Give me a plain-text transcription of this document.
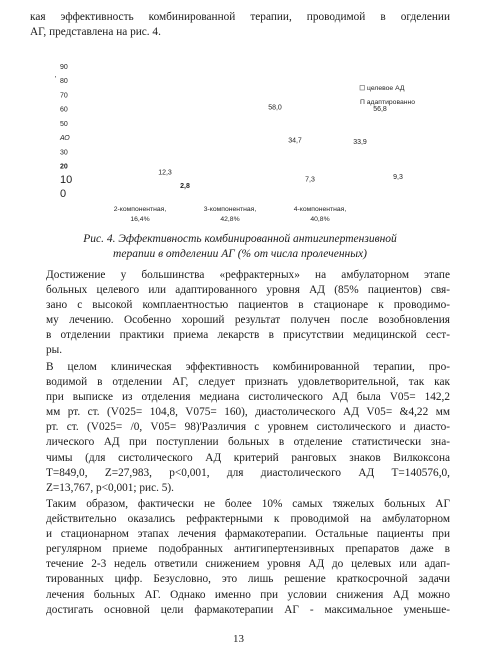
кая эффективность комбинированной терапии, проводимой в огделении
АГ, представлена на рис. 4.

90
80
70
60
50
АО
30
20
10
0
'
12,3
2,8
58,0
34,7
7,3
56,8
33,9
9,3
2-компонентная,
16,4%
3-компонентная,
42,8%
4-компонентная,
40,8%
целевое АД
П адаптированно

Рис. 4. Эффективность комбинированной антигипертензивной
терапии в отделении АГ (% от числа пролеченных)

Достижение у большинства «рефрактерных» на амбулаторном этапе
больных целевого или адаптированного уровня АД (85% пациентов) свя-
зано с высокой комплаентностью пациентов в стационаре к проводимо-
му лечению. Особенно хороший результат получен после возобновления
в отделении практики приема лекарств в присутствии медицинской сест-
ры.

В целом клиническая эффективность комбинированной терапии, про-
водимой в отделении АГ, следует признать удовлетворительной, так как
при выписке из отделения медиана систолического АД была V05= 142,2
мм рт. ст. (V025= 104,8, V075= 160), диастолического АД V05= &4,22 мм
рт. ст. (V025= /0, V05= 98)'Различия с уровнем систолического и диасто-
лического АД при поступлении больных в отделение статистически зна-
чимы (для систолического АД критерий ранговых знаков Вилкоксона
T=849,0, Z=27,983, p<0,001, для диастолического АД T=140576,0,
Z=13,767, p<0,001; рис. 5).

Таким образом, фактически не более 10% самых тяжелых больных АГ
действительно оказались рефрактерными к проводимой на амбулаторном
и стационарном этапах лечения фармакотерапии. Остальные пациенты при
регулярном приеме подобранных антигипертензивных препаратов даже в
течение 2-3 недель ответили снижением уровня АД до целевых или адап-
тированных цифр. Безусловно, это лишь решение краткосрочной задачи
лечения больных АГ. Однако именно при условии снижения АД можно
достигать основной цели фармакотерапии АГ - максимальное уменьше-

13
